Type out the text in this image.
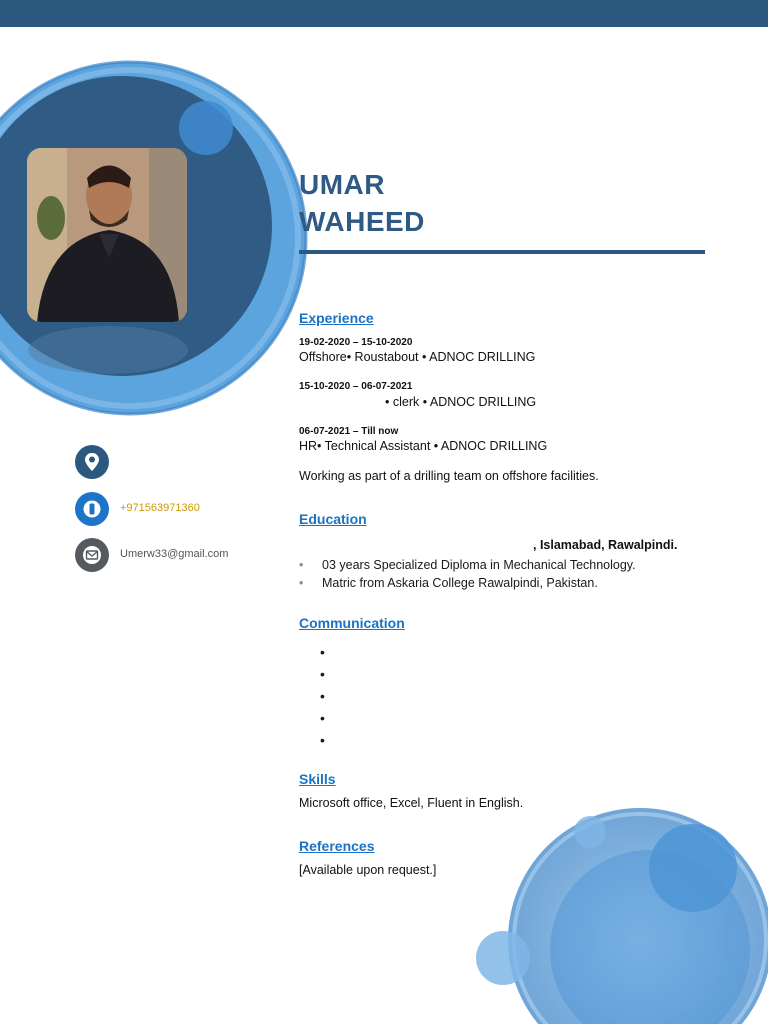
UMAR
WAHEED
+971563971360
Umerw33@gmail.com
Experience
19-02-2020 – 15-10-2020
Offshore• Roustabout • ADNOC DRILLING
15-10-2020 – 06-07-2021
• clerk • ADNOC DRILLING
06-07-2021 – Till now
HR• Technical Assistant • ADNOC DRILLING
Working as part of a drilling team on offshore facilities.
Education
, Islamabad, Rawalpindi.
• 03 years Specialized Diploma in Mechanical Technology.
• Matric from Askaria College Rawalpindi, Pakistan.
Communication
•
•
•
•
•
Skills
Microsoft office, Excel, Fluent in English.
References
[Available upon request.]
